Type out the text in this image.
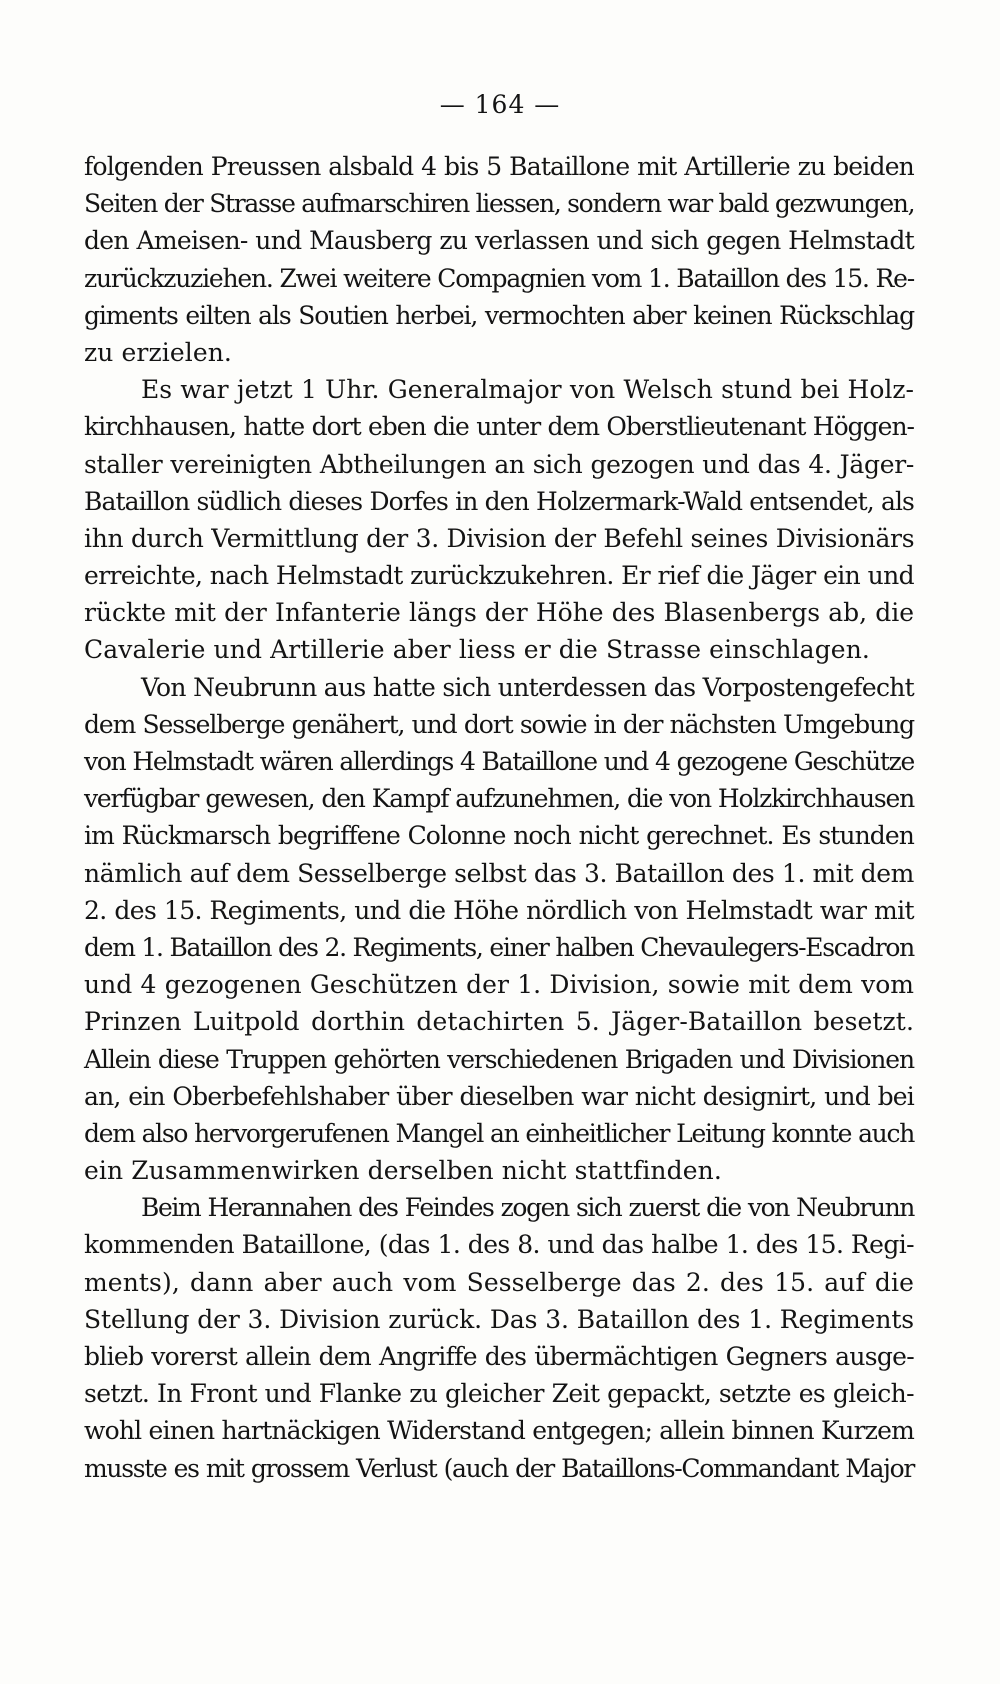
— 164 —
folgenden Preussen alsbald 4 bis 5 Bataillone mit Artillerie zu beiden
Seiten der Strasse aufmarschiren liessen, sondern war bald gezwungen,
den Ameisen- und Mausberg zu verlassen und sich gegen Helmstadt
zurückzuziehen. Zwei weitere Compagnien vom 1. Bataillon des 15. Re-
giments eilten als Soutien herbei, vermochten aber keinen Rückschlag
zu erzielen.
Es war jetzt 1 Uhr. Generalmajor von Welsch stund bei Holz-
kirchhausen, hatte dort eben die unter dem Oberstlieutenant Höggen-
staller vereinigten Abtheilungen an sich gezogen und das 4. Jäger-
Bataillon südlich dieses Dorfes in den Holzermark-Wald entsendet, als
ihn durch Vermittlung der 3. Division der Befehl seines Divisionärs
erreichte, nach Helmstadt zurückzukehren. Er rief die Jäger ein und
rückte mit der Infanterie längs der Höhe des Blasenbergs ab, die
Cavalerie und Artillerie aber liess er die Strasse einschlagen.
Von Neubrunn aus hatte sich unterdessen das Vorpostengefecht
dem Sesselberge genähert, und dort sowie in der nächsten Umgebung
von Helmstadt wären allerdings 4 Bataillone und 4 gezogene Geschütze
verfügbar gewesen, den Kampf aufzunehmen, die von Holzkirchhausen
im Rückmarsch begriffene Colonne noch nicht gerechnet. Es stunden
nämlich auf dem Sesselberge selbst das 3. Bataillon des 1. mit dem
2. des 15. Regiments, und die Höhe nördlich von Helmstadt war mit
dem 1. Bataillon des 2. Regiments, einer halben Chevaulegers-Escadron
und 4 gezogenen Geschützen der 1. Division, sowie mit dem vom
Prinzen Luitpold dorthin detachirten 5. Jäger-Bataillon besetzt.
Allein diese Truppen gehörten verschiedenen Brigaden und Divisionen
an, ein Oberbefehlshaber über dieselben war nicht designirt, und bei
dem also hervorgerufenen Mangel an einheitlicher Leitung konnte auch
ein Zusammenwirken derselben nicht stattfinden.
Beim Herannahen des Feindes zogen sich zuerst die von Neubrunn
kommenden Bataillone, (das 1. des 8. und das halbe 1. des 15. Regi-
ments), dann aber auch vom Sesselberge das 2. des 15. auf die
Stellung der 3. Division zurück. Das 3. Bataillon des 1. Regiments
blieb vorerst allein dem Angriffe des übermächtigen Gegners ausge-
setzt. In Front und Flanke zu gleicher Zeit gepackt, setzte es gleich-
wohl einen hartnäckigen Widerstand entgegen; allein binnen Kurzem
musste es mit grossem Verlust (auch der Bataillons-Commandant Major
